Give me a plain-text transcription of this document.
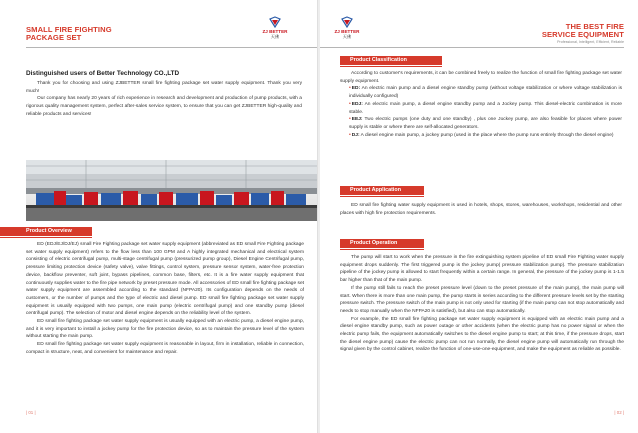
SMALL FIRE FIGHTING
PACKAGE SET
ZJ BETTER
天佛
Distinguished users of Better Technology CO.,LTD

Thank you for choosing and using ZJBETTER small fire fighting package set water supply equipment. Thank you very much!

Our company has nearly 20 years of rich experience in research and development and production of pump products, with a rigorous quality management system, perfect after-sales service system, to ensure that you can get ZJBETTER high-quality and reliable products and services!

Product Overview

ED (EDJ/EJ/DJ/EJ) small Fire Fighting package set water supply equipment (abbreviated as ED small Fire Fighting package set water supply equipment) refers to the flow less than 100 GPM and A highly integrated mechanical and electrical system consisting of electric centrifugal pump, multi-stage centrifugal pump (pressurized pump group), Diesel Engine Centrifugal pump, pressure limiting protection device (safety valve), valve fittings, control system, pressure sensor system, water-free protection device, backflow preventer, soft joint, bypass pipelines, common base, filters, etc. It is a fire water supply equipment that continuously supplies water to the fire pipe network by preset pressure mode. All accessories of ED small fire fighting package set water supply equipment are assembled according to the standard (NFPA20). Its configuration depends on the needs of customers, or the number of pumps and the type of electric and diesel pump. ED small fire fighting package set water supply equipment is usually equipped with two pumps, one main pump (electric centrifugal pump) and one standby pump (diesel centrifugal pump). The selection of motor and diesel engine depends on the reliability level of the system.

ED small fire fighting package set water supply equipment is usually equipped with an electric pump, a diesel engine pump, and it is very important to install a jockey pump for the fire protection device, so as to maintain the pressure level of the system without starting the main pump.

ED small fire fighting package set water supply equipment is reasonable in layout, firm in installation, reliable in connection, compact in structure, neat, and convenient for maintenance and repair.

| 01 |
ZJ BETTER
天佛
THE BEST FIRE
SERVICE EQUIPMENT
Professional, Intelligent, Efficient, Reliable
Product Classification

According to customer's requirements, it can be combined freely to realize the function of small fire fighting package set water supply equipment.

•ED: An electric main pump and a diesel engine standby pump (without voltage stabilization or where voltage stabilization is individually configured)

•EDJ: An electric main pump, a diesel engine standby pump and a Jockey pump. This diesel-electric combination is more stable.

•EEJ: Two electric pumps (one duty and one standby) , plus one Jockey pump, are also feasible for places where power supply is stable or where there are self-allocated generators.

•DJ: A diesel engine main pump, a jockey pump (used in the place where the pump runs entirely through the diesel engine)

Product Application

ED small fire fighting water supply equipment is used in hotels, shops, stores, warehouses, workshops, residential and other places with high fire protection requirements.

Product Operation

The pump will start to work when the pressure in the fire extinguishing system pipeline of ED small Fire Fighting water supply equipment drops suddenly. The first triggered pump is the jockey pump( pressure stabilization pump). The pressure stabilization pipeline of the jockey pump is allowed to start frequently within a certain range. In general, the pressure of the jockey pump is 1-1.5 bar higher than that of the main pump.

If the pump still fails to reach the preset pressure level (down to the preset pressure of the main pump), the main pump will start. When there is more than one main pump, the pump starts in series according to the different pressure levels set by the starting pressure switch. The pressure switch of the main pump is not only used for starting (if the main pump can not stop automatically and needs to stop manually when the NFPA20 is satisfied), but also can stop automatically.

For example, the ED small fire fighting package set water supply equipment is equipped with an electric main pump and a diesel engine standby pump, such as power outage or other accidents (when the electric pump has no power signal or when the electric pump fails, the equipment automatically switches to the diesel engine pump to start; at this time, if the pressure drops, start the diesel engine pump) cause the electric pump can not run normally, the diesel engine pump will automatically run through the signal given by the control cabinet, realize the function of one-use-one-equipment, and make the equipment as reliable as possible.

| 02 |
